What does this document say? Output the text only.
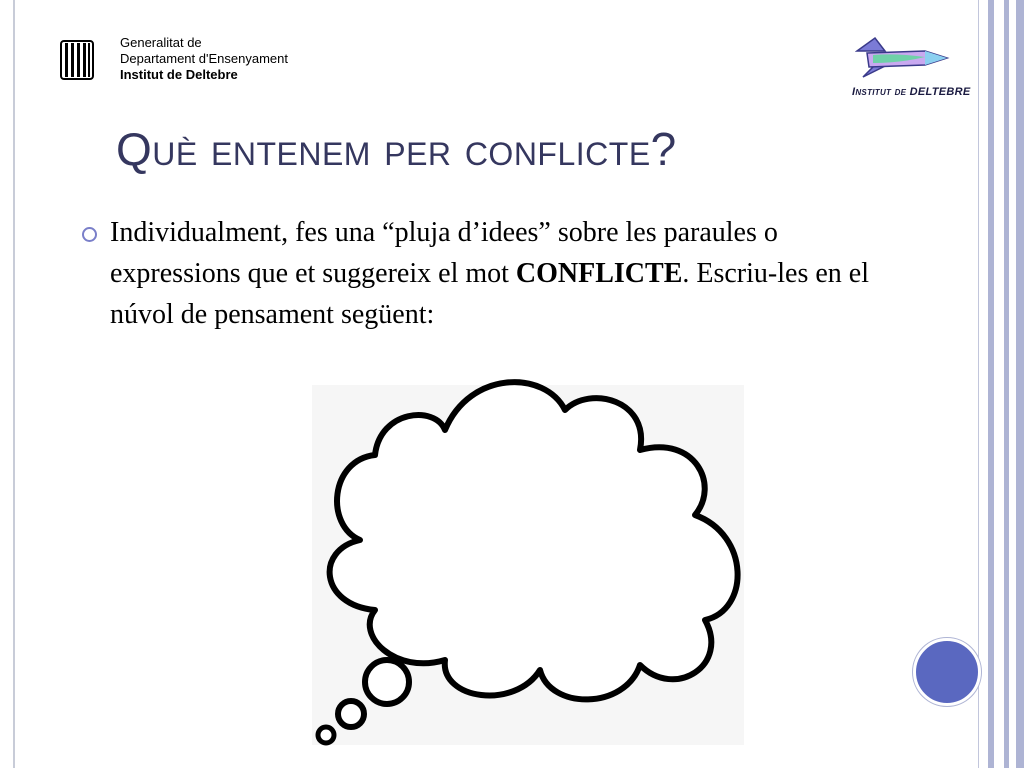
Generalitat de
Departament d'Ensenyament
Institut de Deltebre
Institut de DELTEBRE
Què entenem per conflicte?

Individualment, fes una “pluja d’idees” sobre les paraules o expressions que et suggereix el mot CONFLICTE. Escriu-les en el núvol de pensament següent:
